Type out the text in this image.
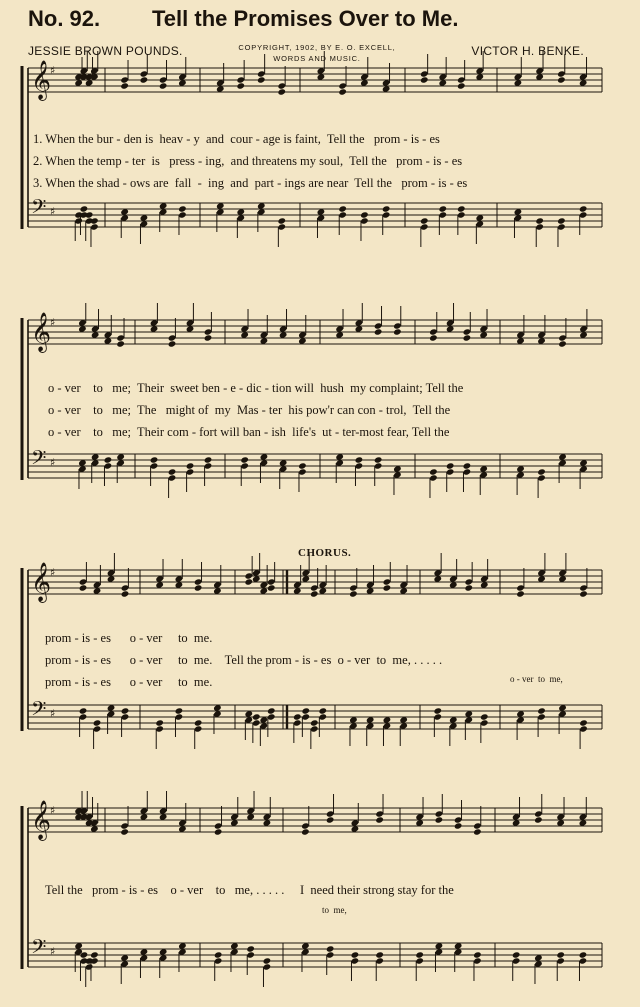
No. 92. Tell the Promises Over to Me.
JESSIE BROWN POUNDS.	COPYRIGHT, 1902, BY E. O. EXCELL,
WORDS AND MUSIC.
VICTOR H. BENKE.
𝄞
♯
𝄢 ♯
1. When the bur - den is  heav - y  and  cour - age is faint,  Tell the   prom - is - es
2. When the temp - ter  is   press - ing,  and threatens my soul,  Tell the   prom - is - es
3. When the shad - ows are  fall  -  ing  and  part - ings are near  Tell the   prom - is - es
𝄞
♯
𝄢 ♯
o - ver    to   me;  Their  sweet ben - e - dic - tion will  hush  my complaint; Tell the
o - ver    to   me;  The   might of  my  Mas - ter  his pow'r can con - trol,  Tell the
o - ver    to   me;  Their com - fort will ban - ish  life's  ut - ter-most fear, Tell the
CHORUS.
𝄞
♯
𝄢 ♯
prom - is - es      o - ver     to  me.
prom - is - es      o - ver     to  me.    Tell the prom - is - es  o - ver  to  me, . . . . .
prom - is - es      o - ver     to  me.	o - ver  to  me,
𝄞
♯
𝄢 ♯
Tell the   prom - is - es    o - ver    to   me, . . . . .     I  need their strong stay for the
to  me,
